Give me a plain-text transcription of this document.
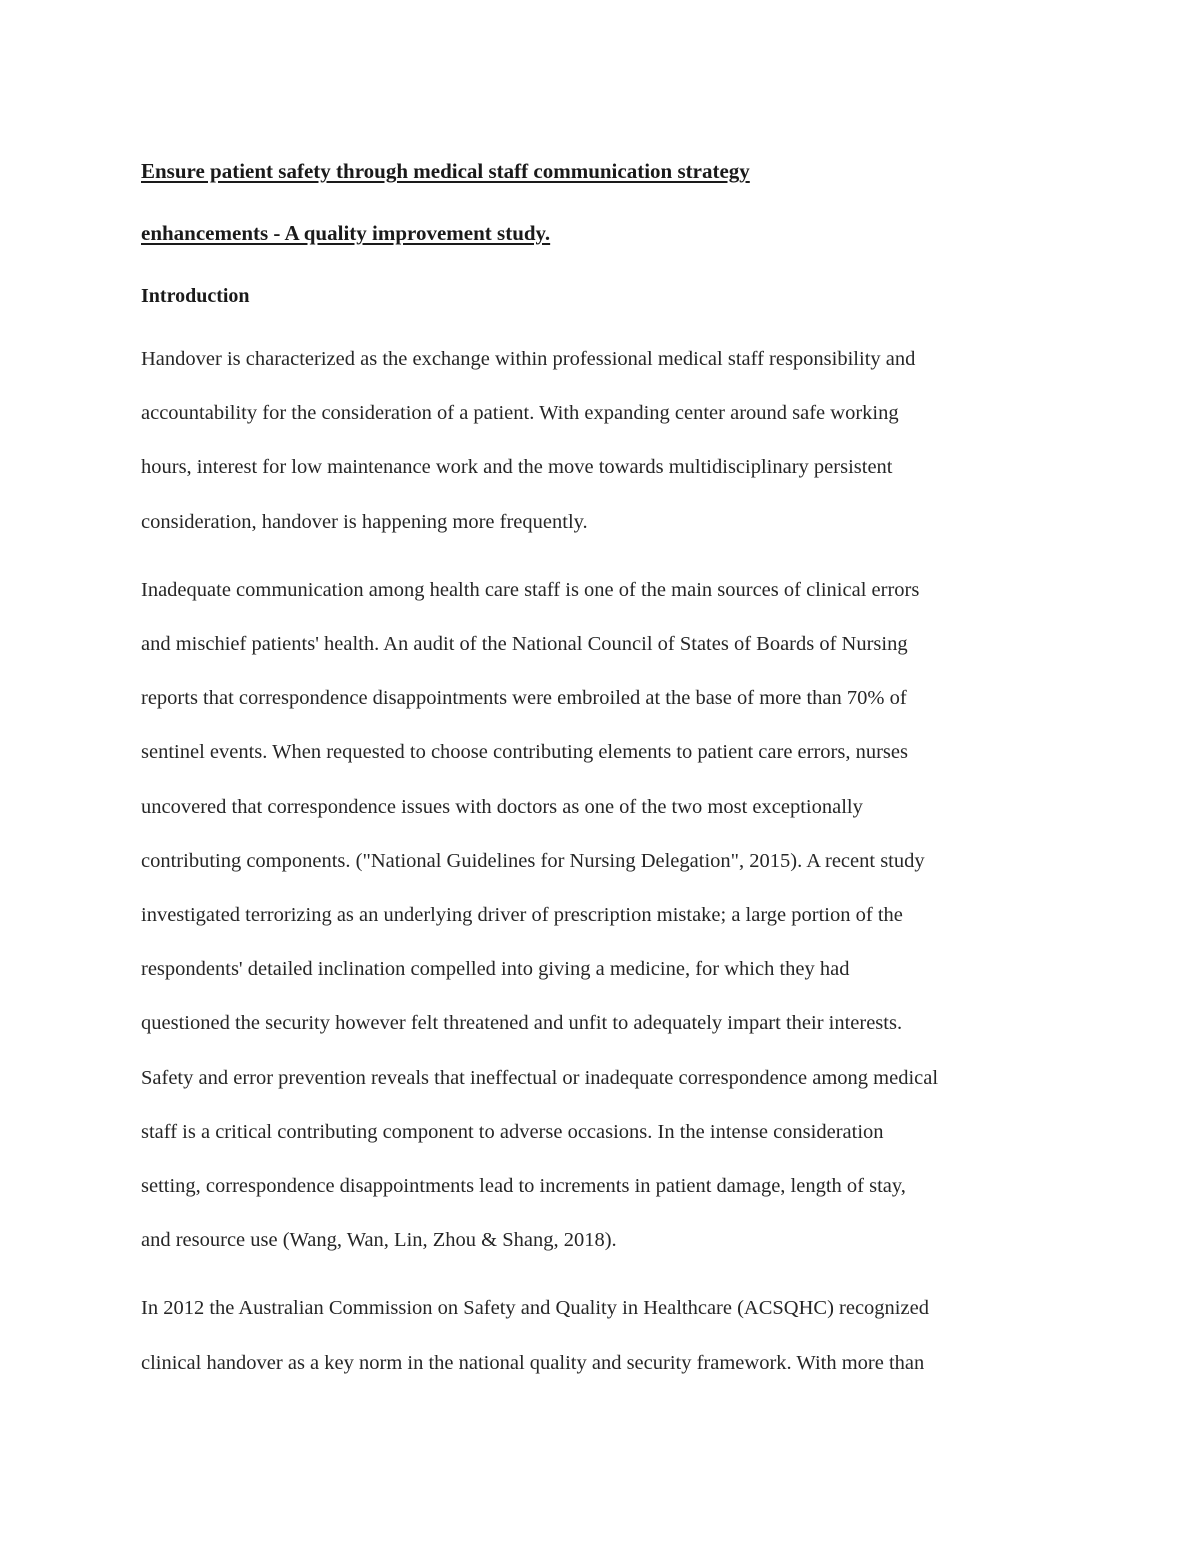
Ensure patient safety through medical staff communication strategy
enhancements - A quality improvement study.
Introduction

Handover is characterized as the exchange within professional medical staff responsibility and
accountability for the consideration of a patient. With expanding center around safe working
hours, interest for low maintenance work and the move towards multidisciplinary persistent
consideration, handover is happening more frequently.

Inadequate communication among health care staff is one of the main sources of clinical errors
and mischief patients' health. An audit of the National Council of States of Boards of Nursing
reports that correspondence disappointments were embroiled at the base of more than 70% of
sentinel events. When requested to choose contributing elements to patient care errors, nurses
uncovered that correspondence issues with doctors as one of the two most exceptionally
contributing components. ("National Guidelines for Nursing Delegation", 2015). A recent study
investigated terrorizing as an underlying driver of prescription mistake; a large portion of the
respondents' detailed inclination compelled into giving a medicine, for which they had
questioned the security however felt threatened and unfit to adequately impart their interests.
Safety and error prevention reveals that ineffectual or inadequate correspondence among medical
staff is a critical contributing component to adverse occasions. In the intense consideration
setting, correspondence disappointments lead to increments in patient damage, length of stay,
and resource use (Wang, Wan, Lin, Zhou & Shang, 2018).

In 2012 the Australian Commission on Safety and Quality in Healthcare (ACSQHC) recognized
clinical handover as a key norm in the national quality and security framework. With more than
